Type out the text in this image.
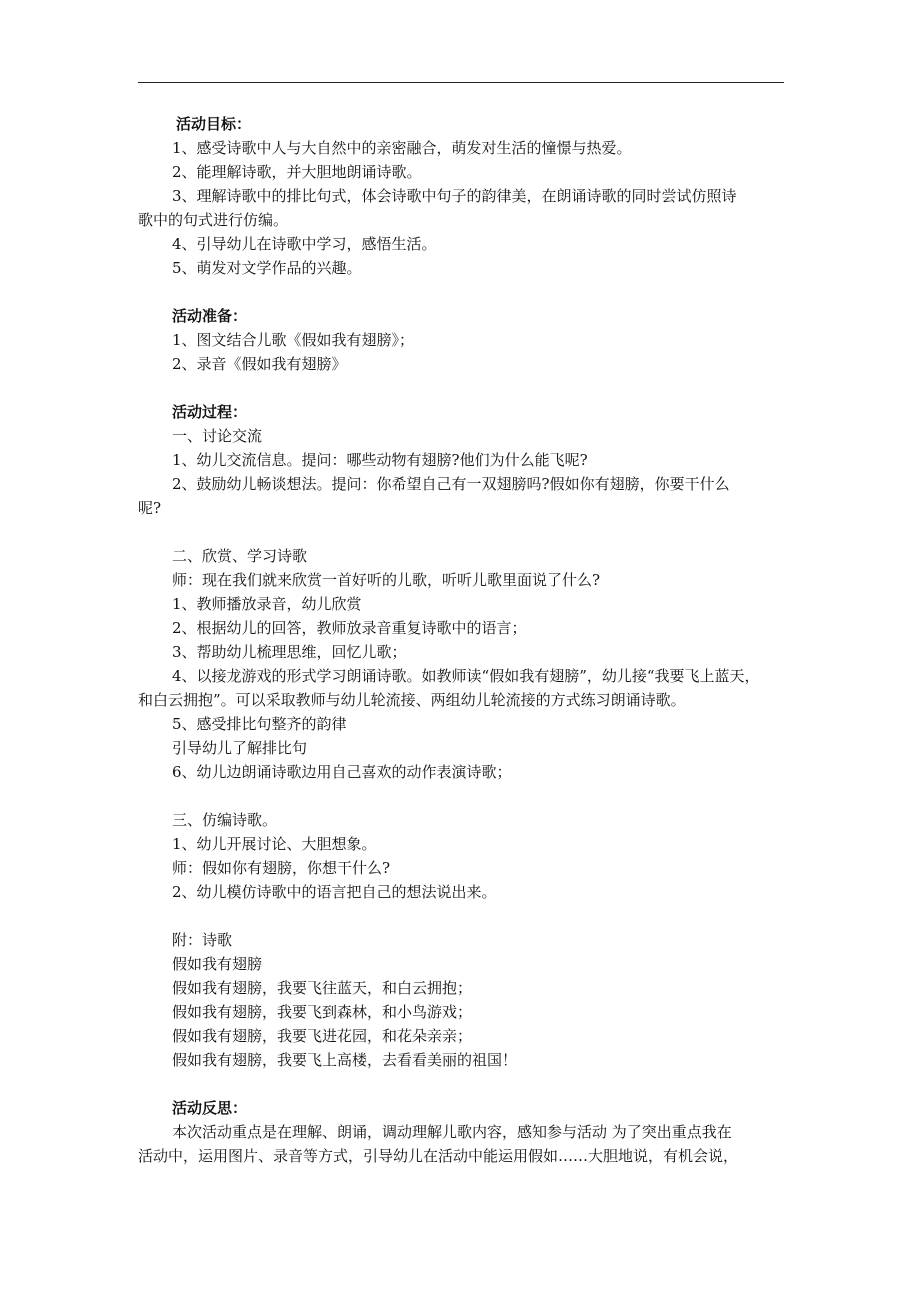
活动目标：
1、感受诗歌中人与大自然中的亲密融合，萌发对生活的憧憬与热爱。
2、能理解诗歌，并大胆地朗诵诗歌。
3、理解诗歌中的排比句式，体会诗歌中句子的韵律美，在朗诵诗歌的同时尝试仿照诗
歌中的句式进行仿编。
4、引导幼儿在诗歌中学习，感悟生活。
5、萌发对文学作品的兴趣。
活动准备：
1、图文结合儿歌《假如我有翅膀》；
2、录音《假如我有翅膀》
活动过程：
一、讨论交流
1、幼儿交流信息。提问：哪些动物有翅膀?他们为什么能飞呢?
2、鼓励幼儿畅谈想法。提问：你希望自己有一双翅膀吗?假如你有翅膀，你要干什么
呢?
二、欣赏、学习诗歌
师：现在我们就来欣赏一首好听的儿歌，听听儿歌里面说了什么?
1、教师播放录音，幼儿欣赏
2、根据幼儿的回答，教师放录音重复诗歌中的语言；
3、帮助幼儿梳理思维，回忆儿歌；
4、以接龙游戏的形式学习朗诵诗歌。如教师读“假如我有翅膀”，幼儿接“我要飞上蓝天，
和白云拥抱”。可以采取教师与幼儿轮流接、两组幼儿轮流接的方式练习朗诵诗歌。
5、感受排比句整齐的韵律
引导幼儿了解排比句
6、幼儿边朗诵诗歌边用自己喜欢的动作表演诗歌；
三、仿编诗歌。
1、幼儿开展讨论、大胆想象。
师：假如你有翅膀，你想干什么?
2、幼儿模仿诗歌中的语言把自己的想法说出来。
附：诗歌
假如我有翅膀
假如我有翅膀，我要飞往蓝天，和白云拥抱；
假如我有翅膀，我要飞到森林，和小鸟游戏；
假如我有翅膀，我要飞进花园，和花朵亲亲；
假如我有翅膀，我要飞上高楼，去看看美丽的祖国！
活动反思：
本次活动重点是在理解、朗诵，调动理解儿歌内容，感知参与活动 为了突出重点我在
活动中，运用图片、录音等方式，引导幼儿在活动中能运用假如……大胆地说，有机会说，
